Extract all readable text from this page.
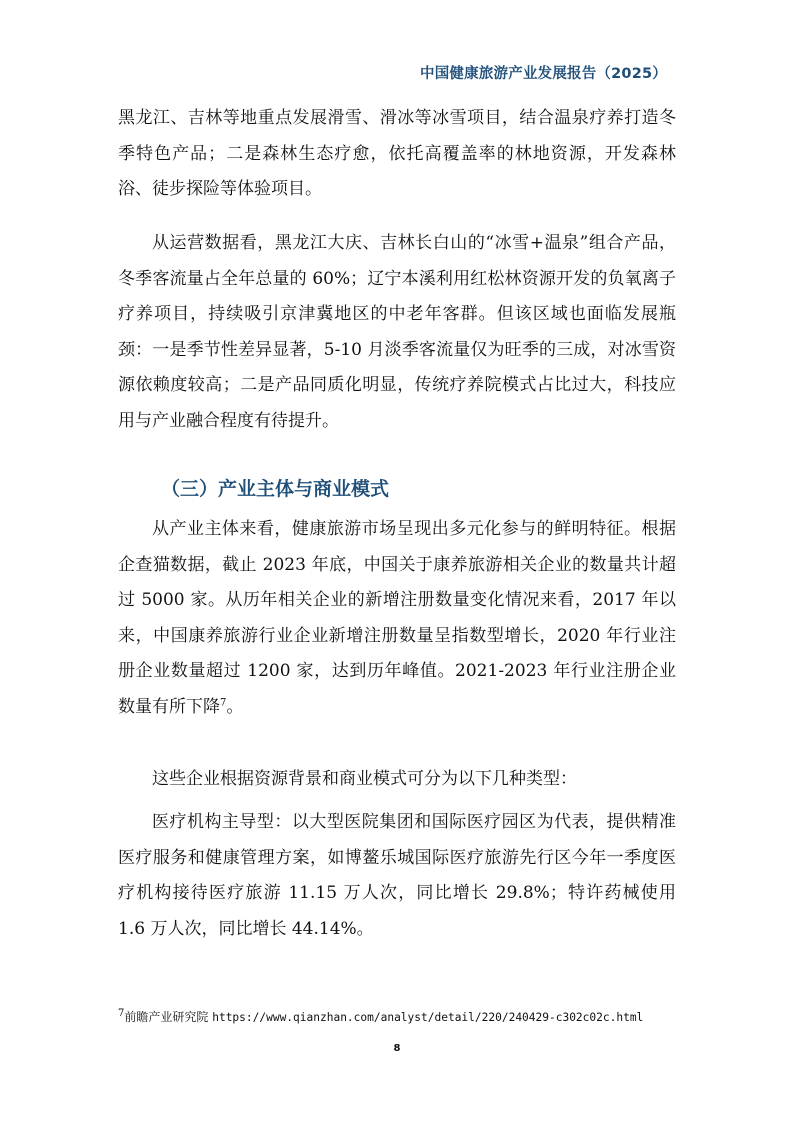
中国健康旅游产业发展报告（2025）

黑龙江、吉林等地重点发展滑雪、滑冰等冰雪项目，结合温泉疗养打造冬季特色产品；二是森林生态疗愈，依托高覆盖率的林地资源，开发森林浴、徒步探险等体验项目。

从运营数据看，黑龙江大庆、吉林长白山的“冰雪+温泉”组合产品，冬季客流量占全年总量的 60%；辽宁本溪利用红松林资源开发的负氧离子疗养项目，持续吸引京津冀地区的中老年客群。但该区域也面临发展瓶颈：一是季节性差异显著，5-10 月淡季客流量仅为旺季的三成，对冰雪资源依赖度较高；二是产品同质化明显，传统疗养院模式占比过大，科技应用与产业融合程度有待提升。

（三）产业主体与商业模式

从产业主体来看，健康旅游市场呈现出多元化参与的鲜明特征。根据企查猫数据，截止 2023 年底，中国关于康养旅游相关企业的数量共计超过 5000 家。从历年相关企业的新增注册数量变化情况来看，2017 年以来，中国康养旅游行业企业新增注册数量呈指数型增长，2020 年行业注册企业数量超过 1200 家，达到历年峰值。2021-2023 年行业注册企业数量有所下降$^7$。

这些企业根据资源背景和商业模式可分为以下几种类型：

医疗机构主导型：以大型医院集团和国际医疗园区为代表，提供精准医疗服务和健康管理方案，如博鳌乐城国际医疗旅游先行区今年一季度医疗机构接待医疗旅游 11.15 万人次，同比增长 29.8%；特许药械使用 1.6 万人次，同比增长 44.14%。

$^7$前瞻产业研究院 https://www.qianzhan.com/analyst/detail/220/240429-c302c02c.html
8
